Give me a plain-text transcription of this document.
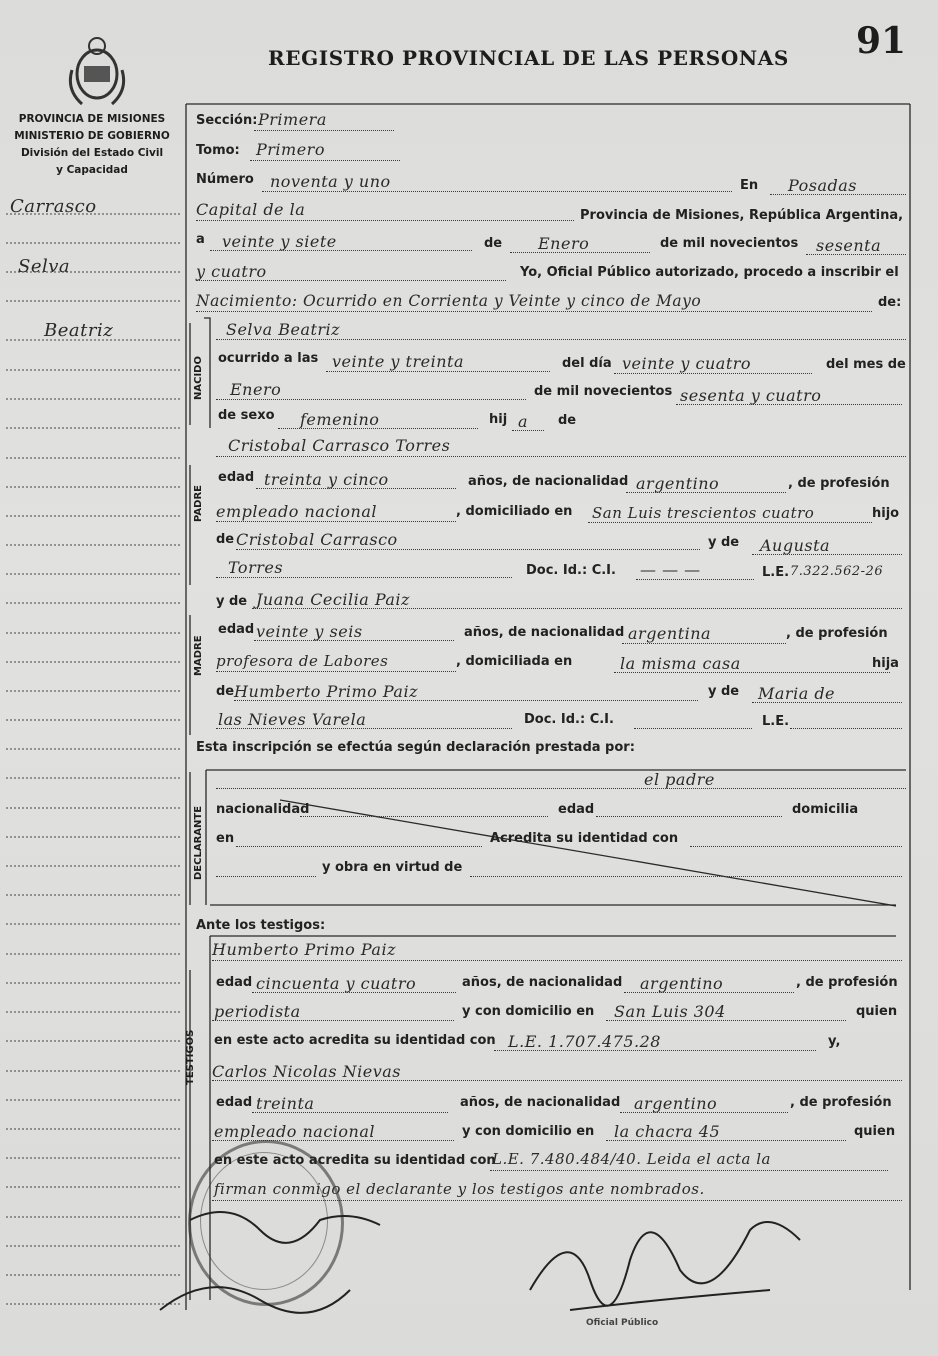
REGISTRO PROVINCIAL DE LAS PERSONAS 91
PROVINCIA DE MISIONES
MINISTERIO DE GOBIERNO
División del Estado Civil
y Capacidad
Carrasco
Selva
Beatriz
Sección: Primera
Tomo: Primero
Número noventa y uno	En Posadas
Capital de la	Provincia de Misiones, República Argentina,
a veinte y siete	de Enero	de mil novecientos sesenta
y cuatro	Yo, Oficial Público autorizado, procedo a inscribir el
Nacimiento: Ocurrido en Corrienta y Veinte y cinco de Mayo	de:
NACIDO
Selva Beatriz
ocurrido a las veinte y treinta	del día veinte y cuatro	del mes de
Enero	de mil novecientos sesenta y cuatro
de sexo femenino	hij a de
PADRE
Cristobal Carrasco Torres
edad treinta y cinco	años, de nacionalidad argentino	, de profesión
empleado nacional	, domiciliado en San Luis trescientos cuatro	hijo
de Cristobal Carrasco	y de Augusta
Torres	Doc. Id.: C.I. — — —	L.E. 7.322.562-26
MADRE
y de Juana Cecilia Paiz
edad veinte y seis	años, de nacionalidad argentina	, de profesión
profesora de Labores	, domiciliada en	la misma casa	hija
de Humberto Primo Paiz	y de Maria de
las Nieves Varela	Doc. Id.: C.I.	L.E.
Esta inscripción se efectúa según declaración prestada por:
DECLARANTE
el padre
nacionalidad	edad	domicilia
en	Acredita su identidad con
y obra en virtud de
Ante los testigos:
TESTIGOS
Humberto Primo Paiz
edad cincuenta y cuatro	años, de nacionalidad argentino	, de profesión
periodista	y con domicilio en San Luis 304	quien
en este acto acredita su identidad con L.E. 1.707.475.28	y,
Carlos Nicolas Nievas
edad treinta	años, de nacionalidad argentino	, de profesión
empleado nacional	y con domicilio en la chacra 45	quien
en este acto acredita su identidad con
L.E. 7.480.484/40. Leida el acta la
firman conmigo el declarante y los testigos ante nombrados.
Oficial Público
